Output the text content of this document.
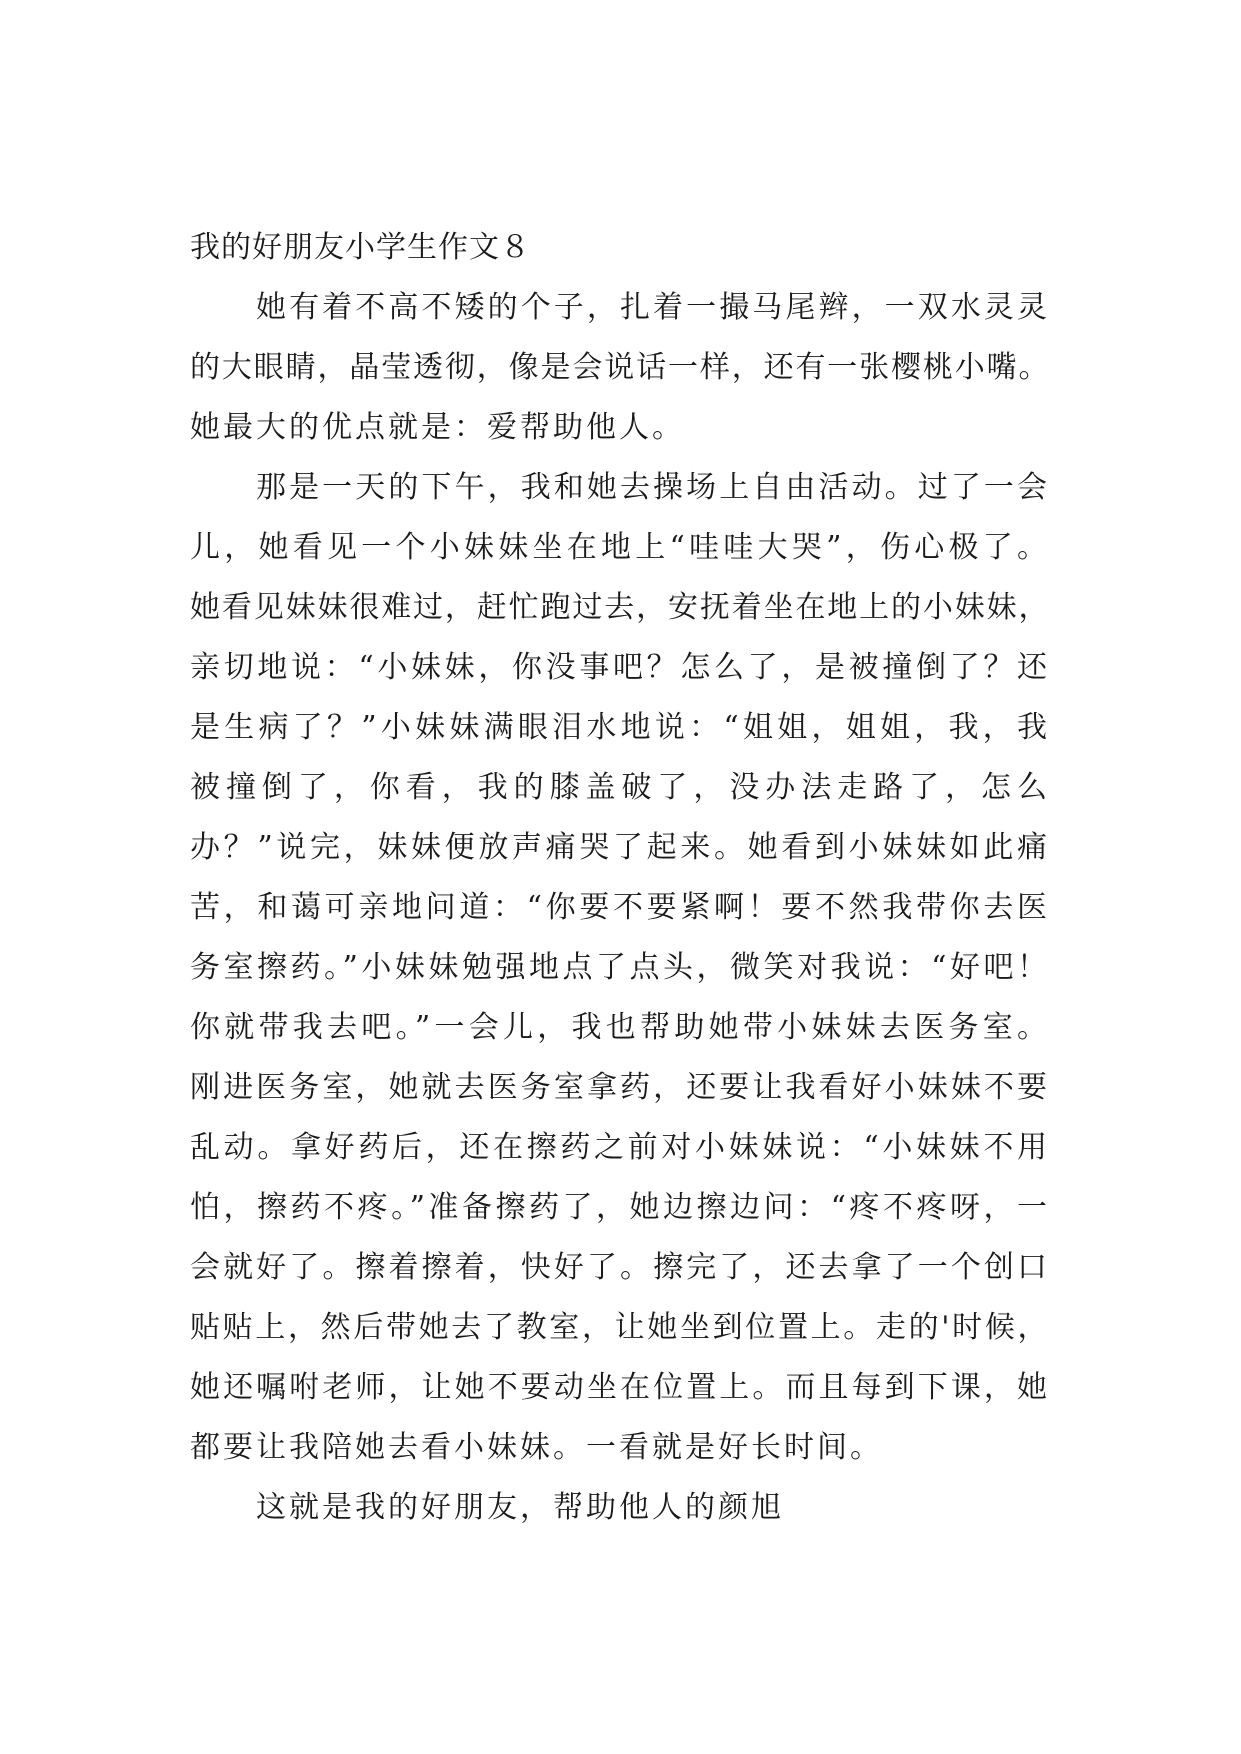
我的好朋友小学生作文８
她有着不高不矮的个子，扎着一撮马尾辫，一双水灵灵
的大眼睛，晶莹透彻，像是会说话一样，还有一张樱桃小嘴。
她最大的优点就是：爱帮助他人。
那是一天的下午，我和她去操场上自由活动。过了一会
儿，她看见一个小妹妹坐在地上“哇哇大哭”，伤心极了。
她看见妹妹很难过，赶忙跑过去，安抚着坐在地上的小妹妹，
亲切地说：“小妹妹，你没事吧？怎么了，是被撞倒了？还
是生病了？”小妹妹满眼泪水地说：“姐姐，姐姐，我，我
被撞倒了，你看，我的膝盖破了，没办法走路了，怎么
办？”说完，妹妹便放声痛哭了起来。她看到小妹妹如此痛
苦，和蔼可亲地问道：“你要不要紧啊！要不然我带你去医
务室擦药。”小妹妹勉强地点了点头，微笑对我说：“好吧！
你就带我去吧。”一会儿，我也帮助她带小妹妹去医务室。
刚进医务室，她就去医务室拿药，还要让我看好小妹妹不要
乱动。拿好药后，还在擦药之前对小妹妹说：“小妹妹不用
怕，擦药不疼。”准备擦药了，她边擦边问：“疼不疼呀，一
会就好了。擦着擦着，快好了。擦完了，还去拿了一个创口
贴贴上，然后带她去了教室，让她坐到位置上。走的'时候，
她还嘱咐老师，让她不要动坐在位置上。而且每到下课，她
都要让我陪她去看小妹妹。一看就是好长时间。
这就是我的好朋友，帮助他人的颜旭
